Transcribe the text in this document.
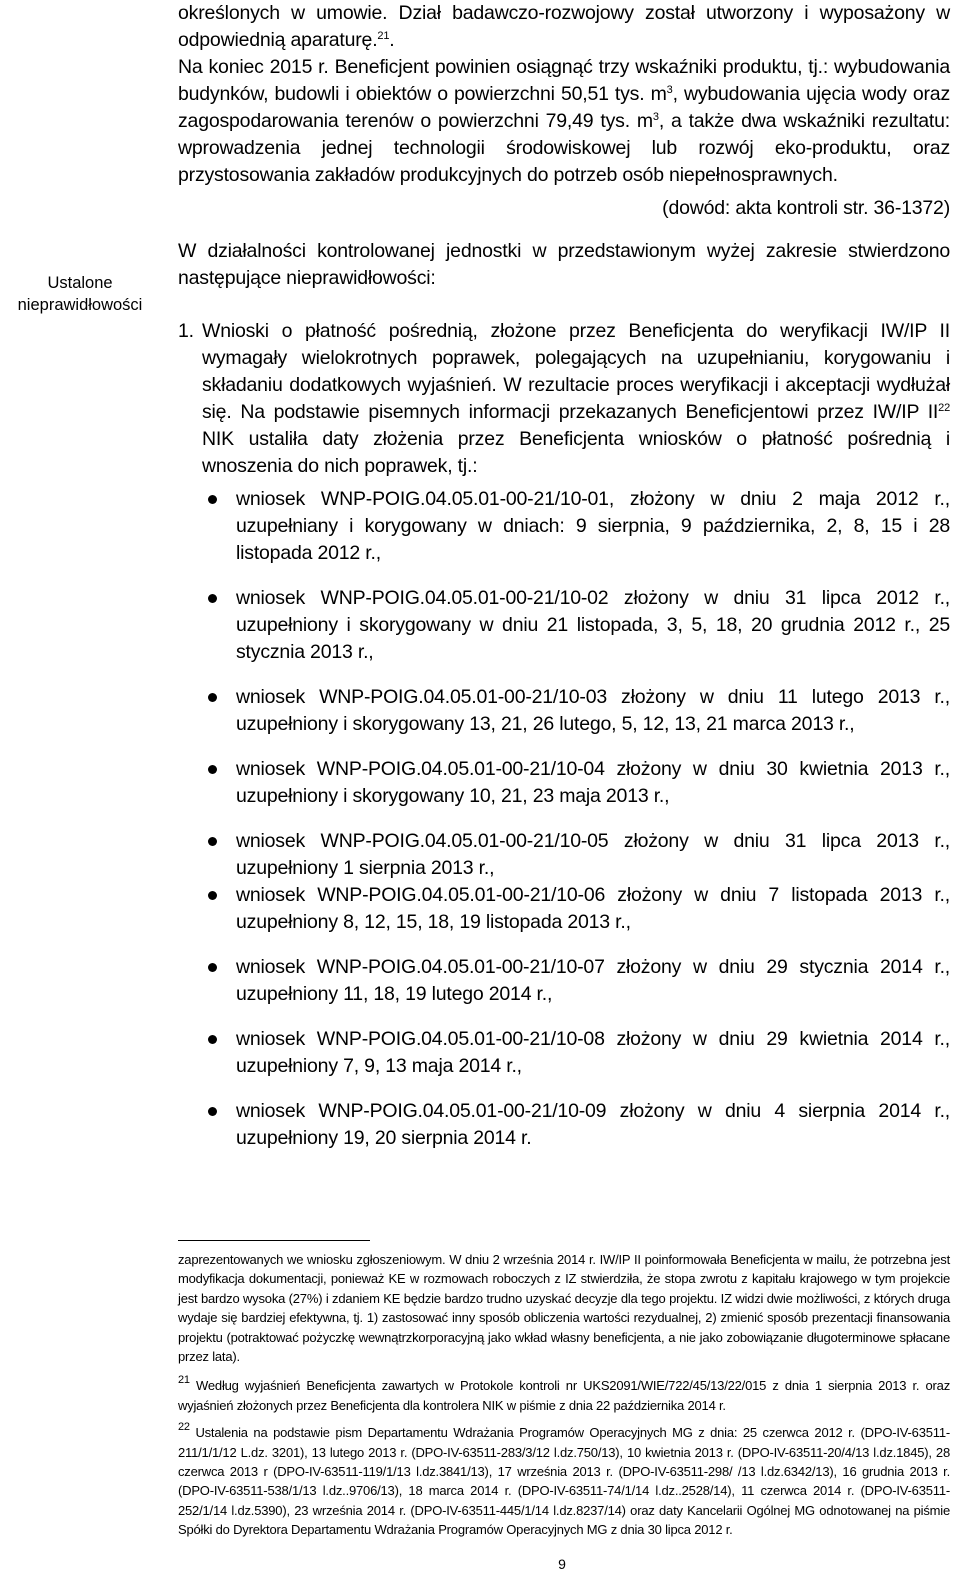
Ustalone nieprawidłowości

określonych w umowie. Dział badawczo-rozwojowy został utworzony i wyposażony w odpowiednią aparaturę.$^{21}$.

Na koniec 2015 r. Beneficjent powinien osiągnąć trzy wskaźniki produktu, tj.: wybudowania budynków, budowli i obiektów o powierzchni 50,51 tys. $m^3$, wybudowania ujęcia wody oraz zagospodarowania terenów o powierzchni 79,49 tys. $m^3$, a także dwa wskaźniki rezultatu: wprowadzenia jednej technologii środowiskowej lub rozwój eko-produktu, oraz przystosowania zakładów produkcyjnych do potrzeb osób niepełnosprawnych.

(dowód: akta kontroli str. 36-1372)

W działalności kontrolowanej jednostki w przedstawionym wyżej zakresie stwierdzono następujące nieprawidłowości:

1. Wnioski o płatność pośrednią, złożone przez Beneficjenta do weryfikacji IW/IP II wymagały wielokrotnych poprawek, polegających na uzupełnianiu, korygowaniu i składaniu dodatkowych wyjaśnień. W rezultacie proces weryfikacji i akceptacji wydłużał się. Na podstawie pisemnych informacji przekazanych Beneficjentowi przez IW/IP II$^{22}$ NIK ustaliła daty złożenia przez Beneficjenta wniosków o płatność pośrednią i wnoszenia do nich poprawek, tj.:

wniosek WNP-POIG.04.05.01-00-21/10-01, złożony w dniu 2 maja 2012 r., uzupełniany i korygowany w dniach: 9 sierpnia, 9 października, 2, 8, 15 i 28 listopada 2012 r.,
wniosek WNP-POIG.04.05.01-00-21/10-02 złożony w dniu 31 lipca 2012 r., uzupełniony i skorygowany w dniu 21 listopada, 3, 5, 18, 20 grudnia 2012 r., 25 stycznia 2013 r.,
wniosek WNP-POIG.04.05.01-00-21/10-03 złożony w dniu 11 lutego 2013 r., uzupełniony i skorygowany 13, 21, 26 lutego, 5, 12, 13, 21 marca 2013 r.,
wniosek WNP-POIG.04.05.01-00-21/10-04 złożony w dniu 30 kwietnia 2013 r., uzupełniony i skorygowany 10, 21, 23 maja 2013 r.,
wniosek WNP-POIG.04.05.01-00-21/10-05 złożony w dniu 31 lipca 2013 r., uzupełniony 1 sierpnia 2013 r.,
wniosek WNP-POIG.04.05.01-00-21/10-06 złożony w dniu 7 listopada 2013 r., uzupełniony 8, 12, 15, 18, 19 listopada 2013 r.,
wniosek WNP-POIG.04.05.01-00-21/10-07 złożony w dniu 29 stycznia 2014 r., uzupełniony 11, 18, 19 lutego 2014 r.,
wniosek WNP-POIG.04.05.01-00-21/10-08 złożony w dniu 29 kwietnia 2014 r., uzupełniony 7, 9, 13 maja 2014 r.,
wniosek WNP-POIG.04.05.01-00-21/10-09 złożony w dniu 4 sierpnia 2014 r., uzupełniony 19, 20 sierpnia 2014 r.

zaprezentowanych we wniosku zgłoszeniowym. W dniu 2 września 2014 r. IW/IP II poinformowała Beneficjenta w mailu, że potrzebna jest modyfikacja dokumentacji, ponieważ KE w rozmowach roboczych z IZ stwierdziła, że stopa zwrotu z kapitału krajowego w tym projekcie jest bardzo wysoka (27%) i zdaniem KE będzie bardzo trudno uzyskać decyzje dla tego projektu. IZ widzi dwie możliwości, z których druga wydaje się bardziej efektywna, tj. 1) zastosować inny sposób obliczenia wartości rezydualnej, 2) zmienić sposób prezentacji finansowania projektu (potraktować pożyczkę wewnątrzkorporacyjną jako wkład własny beneficjenta, a nie jako zobowiązanie długoterminowe spłacane przez lata).

$^{21}$ Według wyjaśnień Beneficjenta zawartych w Protokole kontroli nr UKS2091/WIE/722/45/13/22/015 z dnia 1 sierpnia 2013 r. oraz wyjaśnień złożonych przez Beneficjenta dla kontrolera NIK w piśmie z dnia 22 października 2014 r.

$^{22}$ Ustalenia na podstawie pism Departamentu Wdrażania Programów Operacyjnych MG z dnia: 25 czerwca 2012 r. (DPO-IV-63511-211/1/1/12 L.dz. 3201), 13 lutego 2013 r. (DPO-IV-63511-283/3/12 l.dz.750/13), 10 kwietnia 2013 r. (DPO-IV-63511-20/4/13 l.dz.1845), 28 czerwca 2013 r (DPO-IV-63511-119/1/13 l.dz.3841/13), 17 września 2013 r. (DPO-IV-63511-298/ /13 l.dz.6342/13), 16 grudnia 2013 r. (DPO-IV-63511-538/1/13 l.dz..9706/13), 18 marca 2014 r. (DPO-IV-63511-74/1/14 l.dz..2528/14), 11 czerwca 2014 r. (DPO-IV-63511-252/1/14 l.dz.5390), 23 września 2014 r. (DPO-IV-63511-445/1/14 l.dz.8237/14) oraz daty Kancelarii Ogólnej MG odnotowanej na piśmie Spółki do Dyrektora Departamentu Wdrażania Programów Operacyjnych MG z dnia 30 lipca 2012 r.

9
